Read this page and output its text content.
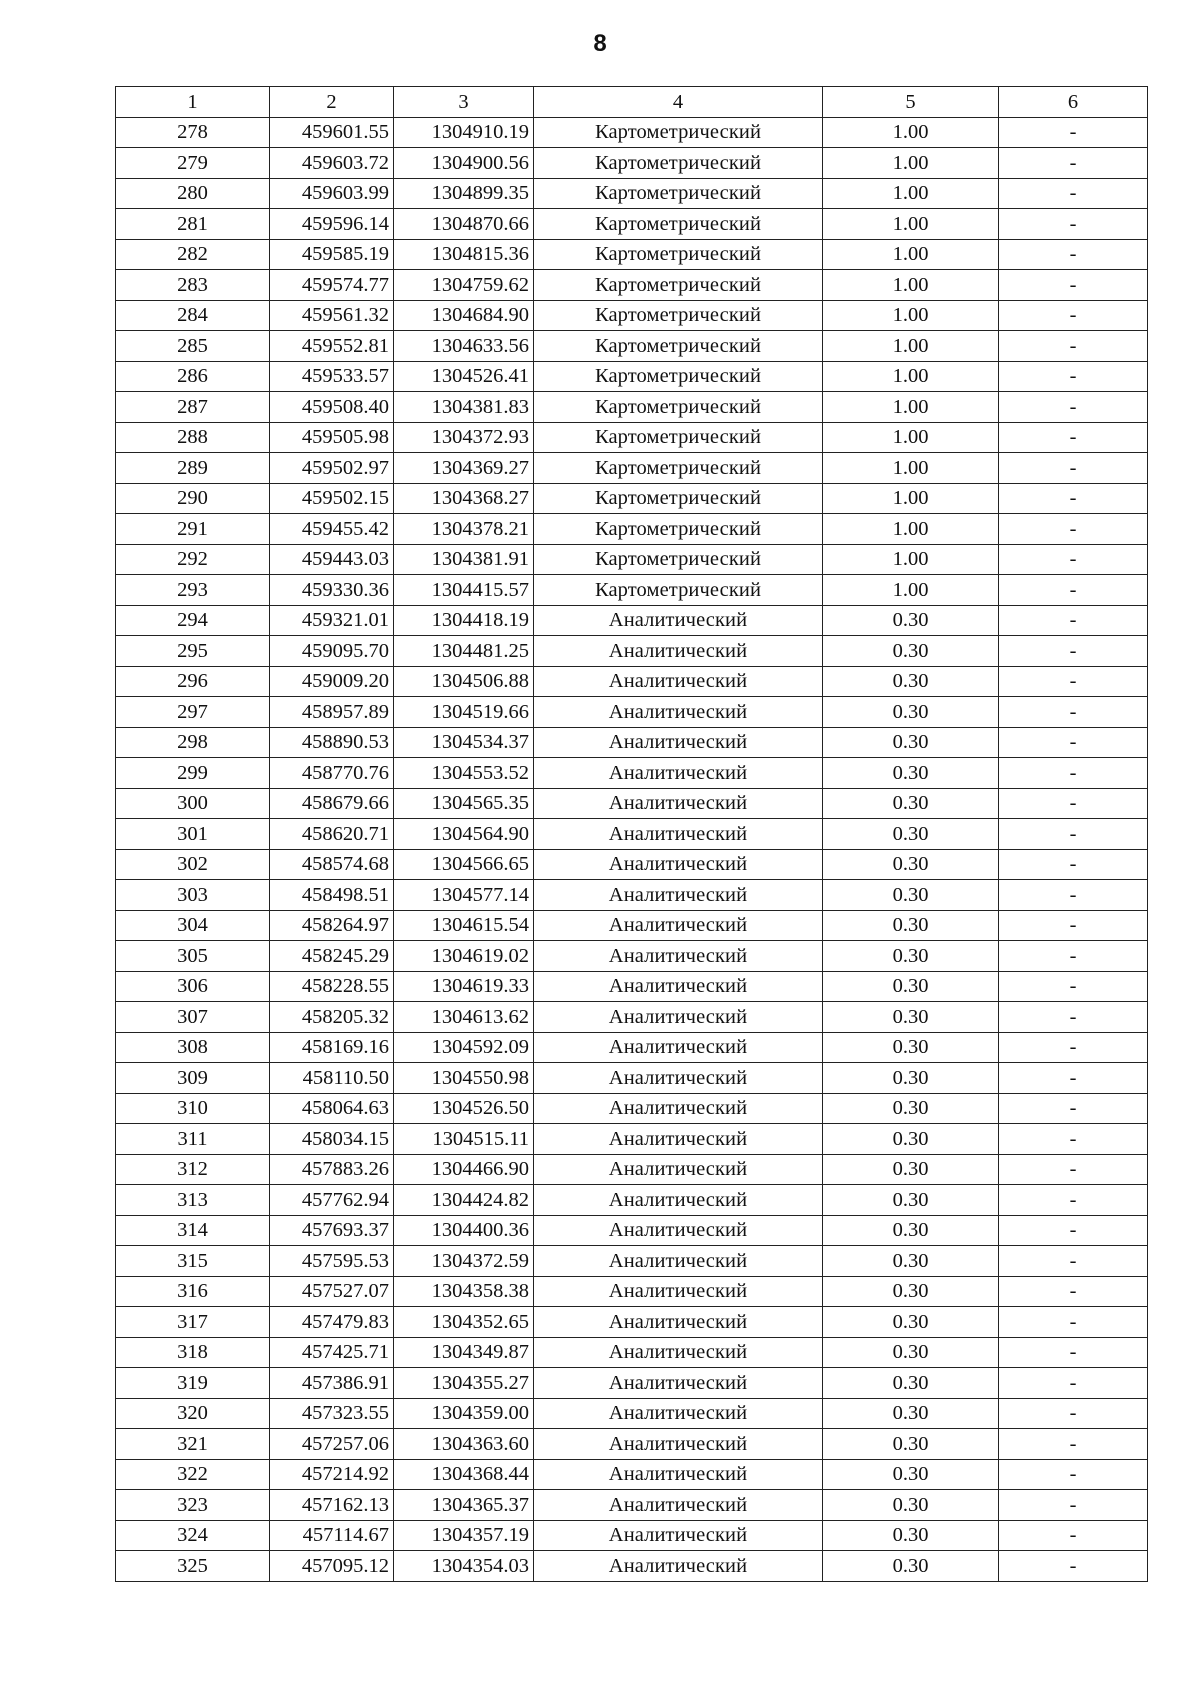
8
1	2	3	4	5	6
278	459601.55	1304910.19	Картометрический	1.00	-
279	459603.72	1304900.56	Картометрический	1.00	-
280	459603.99	1304899.35	Картометрический	1.00	-
281	459596.14	1304870.66	Картометрический	1.00	-
282	459585.19	1304815.36	Картометрический	1.00	-
283	459574.77	1304759.62	Картометрический	1.00	-
284	459561.32	1304684.90	Картометрический	1.00	-
285	459552.81	1304633.56	Картометрический	1.00	-
286	459533.57	1304526.41	Картометрический	1.00	-
287	459508.40	1304381.83	Картометрический	1.00	-
288	459505.98	1304372.93	Картометрический	1.00	-
289	459502.97	1304369.27	Картометрический	1.00	-
290	459502.15	1304368.27	Картометрический	1.00	-
291	459455.42	1304378.21	Картометрический	1.00	-
292	459443.03	1304381.91	Картометрический	1.00	-
293	459330.36	1304415.57	Картометрический	1.00	-
294	459321.01	1304418.19	Аналитический	0.30	-
295	459095.70	1304481.25	Аналитический	0.30	-
296	459009.20	1304506.88	Аналитический	0.30	-
297	458957.89	1304519.66	Аналитический	0.30	-
298	458890.53	1304534.37	Аналитический	0.30	-
299	458770.76	1304553.52	Аналитический	0.30	-
300	458679.66	1304565.35	Аналитический	0.30	-
301	458620.71	1304564.90	Аналитический	0.30	-
302	458574.68	1304566.65	Аналитический	0.30	-
303	458498.51	1304577.14	Аналитический	0.30	-
304	458264.97	1304615.54	Аналитический	0.30	-
305	458245.29	1304619.02	Аналитический	0.30	-
306	458228.55	1304619.33	Аналитический	0.30	-
307	458205.32	1304613.62	Аналитический	0.30	-
308	458169.16	1304592.09	Аналитический	0.30	-
309	458110.50	1304550.98	Аналитический	0.30	-
310	458064.63	1304526.50	Аналитический	0.30	-
311	458034.15	1304515.11	Аналитический	0.30	-
312	457883.26	1304466.90	Аналитический	0.30	-
313	457762.94	1304424.82	Аналитический	0.30	-
314	457693.37	1304400.36	Аналитический	0.30	-
315	457595.53	1304372.59	Аналитический	0.30	-
316	457527.07	1304358.38	Аналитический	0.30	-
317	457479.83	1304352.65	Аналитический	0.30	-
318	457425.71	1304349.87	Аналитический	0.30	-
319	457386.91	1304355.27	Аналитический	0.30	-
320	457323.55	1304359.00	Аналитический	0.30	-
321	457257.06	1304363.60	Аналитический	0.30	-
322	457214.92	1304368.44	Аналитический	0.30	-
323	457162.13	1304365.37	Аналитический	0.30	-
324	457114.67	1304357.19	Аналитический	0.30	-
325	457095.12	1304354.03	Аналитический	0.30	-
